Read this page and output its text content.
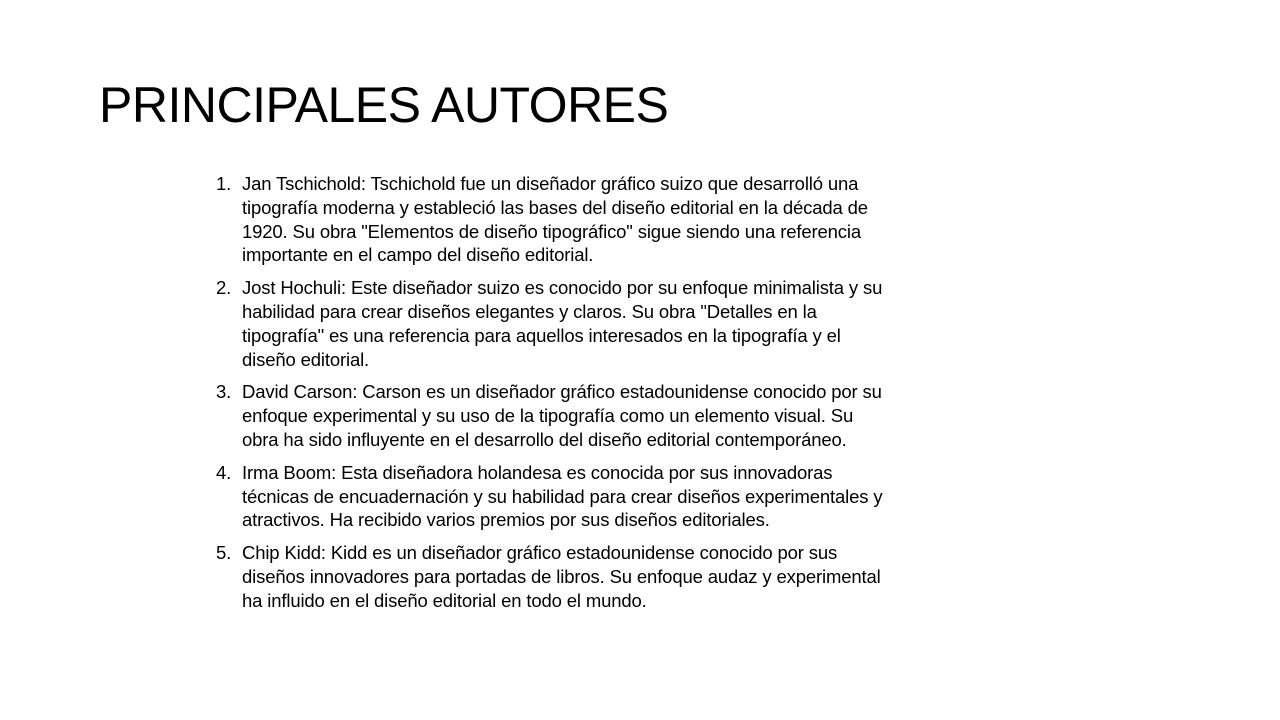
PRINCIPALES AUTORES
1. Jan Tschichold: Tschichold fue un diseñador gráfico suizo que desarrolló una
tipografía moderna y estableció las bases del diseño editorial en la década de
1920. Su obra "Elementos de diseño tipográfico" sigue siendo una referencia
importante en el campo del diseño editorial.
2. Jost Hochuli: Este diseñador suizo es conocido por su enfoque minimalista y su
habilidad para crear diseños elegantes y claros. Su obra "Detalles en la
tipografía" es una referencia para aquellos interesados en la tipografía y el
diseño editorial.
3. David Carson: Carson es un diseñador gráfico estadounidense conocido por su
enfoque experimental y su uso de la tipografía como un elemento visual. Su
obra ha sido influyente en el desarrollo del diseño editorial contemporáneo.
4. Irma Boom: Esta diseñadora holandesa es conocida por sus innovadoras
técnicas de encuadernación y su habilidad para crear diseños experimentales y
atractivos. Ha recibido varios premios por sus diseños editoriales.
5. Chip Kidd: Kidd es un diseñador gráfico estadounidense conocido por sus
diseños innovadores para portadas de libros. Su enfoque audaz y experimental
ha influido en el diseño editorial en todo el mundo.
